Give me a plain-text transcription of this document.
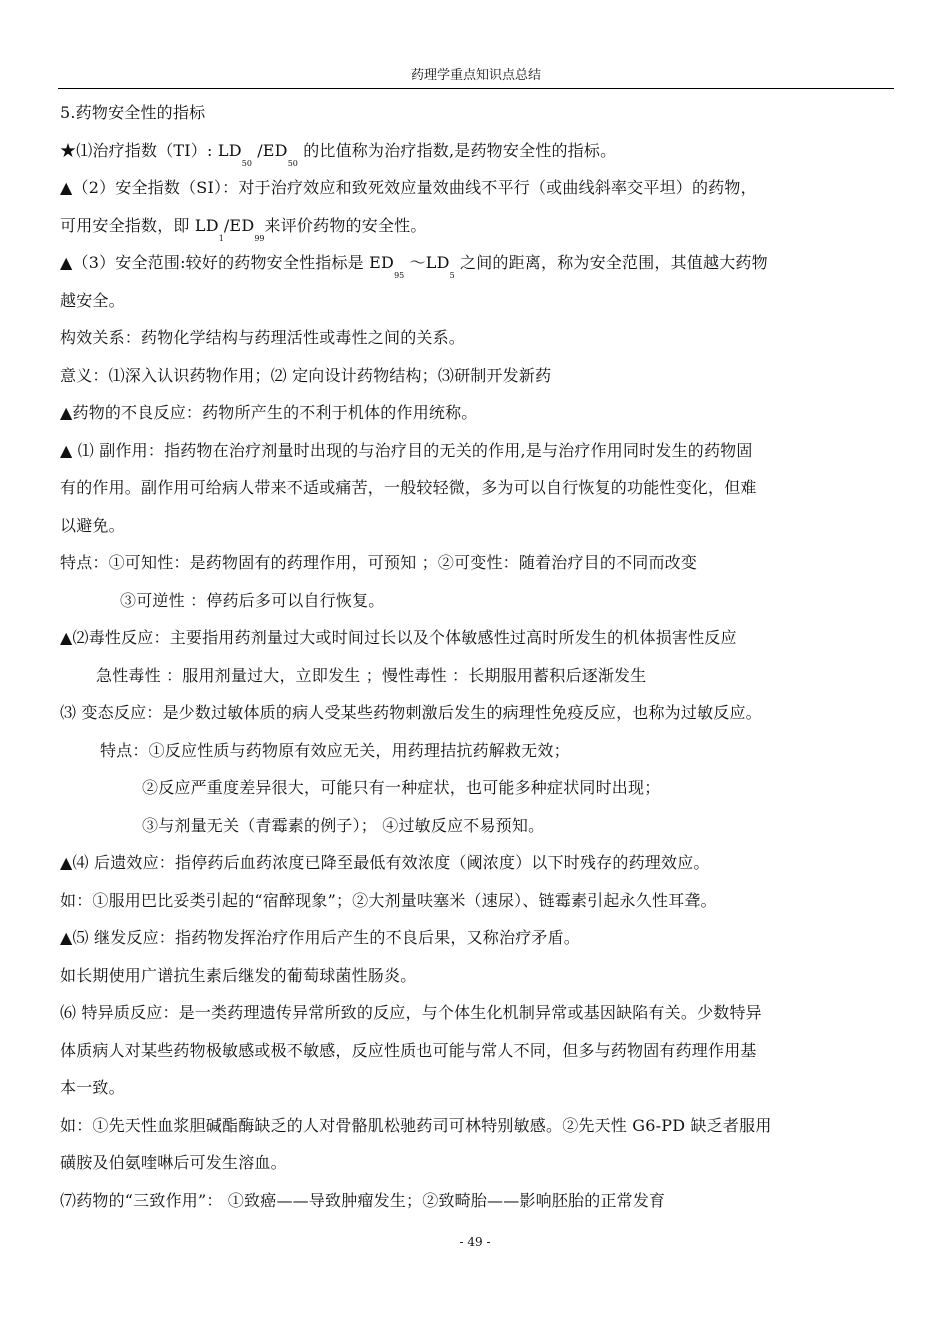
药理学重点知识点总结
5.药物安全性的指标
★⑴治疗指数（TI）: $LD_{50}$ $/ED_{50}$ 的比值称为治疗指数,是药物安全性的指标。
▲（2）安全指数（SI）：对于治疗效应和致死效应量效曲线不平行（或曲线斜率交平坦）的药物，
可用安全指数，即 $LD_1/ED_{99}$来评价药物的安全性。
▲（3）安全范围:较好的药物安全性指标是 $ED_{95}$ $\sim LD_5$ 之间的距离，称为安全范围，其值越大药物
越安全。
构效关系：药物化学结构与药理活性或毒性之间的关系。
意义：⑴深入认识药物作用；⑵ 定向设计药物结构；⑶研制开发新药
▲药物的不良反应：药物所产生的不利于机体的作用统称。
▲ ⑴ 副作用：指药物在治疗剂量时出现的与治疗目的无关的作用,是与治疗作用同时发生的药物固
有的作用。副作用可给病人带来不适或痛苦，一般较轻微，多为可以自行恢复的功能性变化，但难
以避免。
特点：①可知性：是药物固有的药理作用，可预知 ；②可变性：随着治疗目的不同而改变
③可逆性 ：停药后多可以自行恢复。
▲⑵毒性反应：主要指用药剂量过大或时间过长以及个体敏感性过高时所发生的机体损害性反应
急性毒性 ：服用剂量过大，立即发生 ；慢性毒性 ：长期服用蓄积后逐渐发生
⑶ 变态反应：是少数过敏体质的病人受某些药物刺激后发生的病理性免疫反应，也称为过敏反应。
特点：①反应性质与药物原有效应无关，用药理拮抗药解救无效；
②反应严重度差异很大，可能只有一种症状，也可能多种症状同时出现；
③与剂量无关（青霉素的例子）； ④过敏反应不易预知。
▲⑷ 后遗效应：指停药后血药浓度已降至最低有效浓度（阈浓度）以下时残存的药理效应。
如：①服用巴比妥类引起的“宿醉现象”；②大剂量呋塞米（速尿）、链霉素引起永久性耳聋。
▲⑸ 继发反应：指药物发挥治疗作用后产生的不良后果，又称治疗矛盾。
如长期使用广谱抗生素后继发的葡萄球菌性肠炎。
⑹ 特异质反应：是一类药理遗传异常所致的反应，与个体生化机制异常或基因缺陷有关。少数特异
体质病人对某些药物极敏感或极不敏感，反应性质也可能与常人不同，但多与药物固有药理作用基
本一致。
如：①先天性血浆胆碱酯酶缺乏的人对骨骼肌松驰药司可林特别敏感。②先天性 G6-PD 缺乏者服用
磺胺及伯氨喹啉后可发生溶血。
⑺药物的“三致作用”： ①致癌——导致肿瘤发生；②致畸胎——影响胚胎的正常发育
- 49 -
